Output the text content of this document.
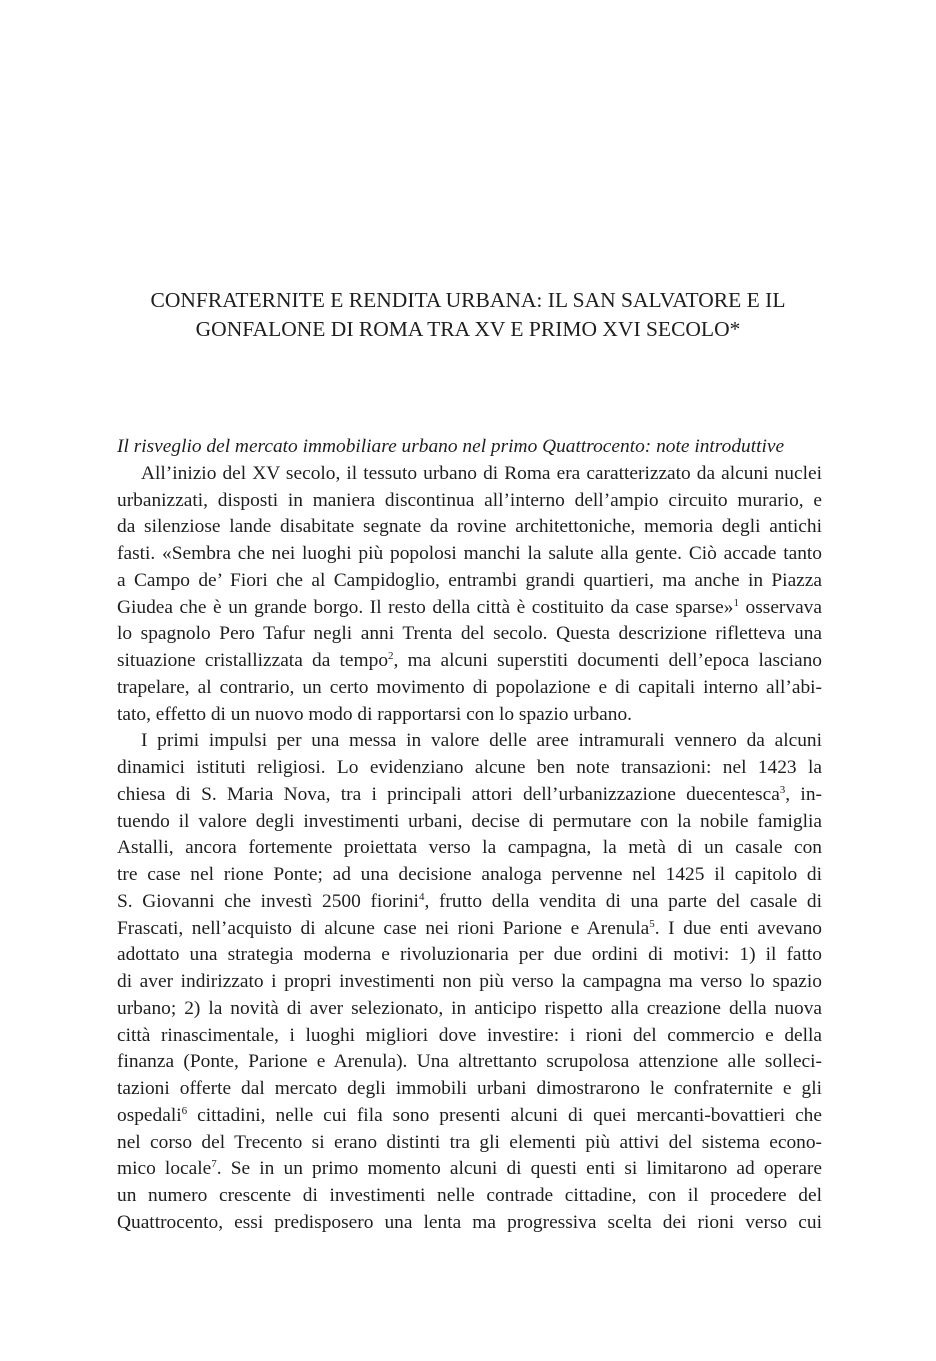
CONFRATERNITE E RENDITA URBANA: IL SAN SALVATORE E IL
GONFALONE DI ROMA TRA XV E PRIMO XVI SECOLO*
Il risveglio del mercato immobiliare urbano nel primo Quattrocento: note introduttive
All’inizio del XV secolo, il tessuto urbano di Roma era caratterizzato da alcuni nuclei
urbanizzati, disposti in maniera discontinua all’interno dell’ampio circuito murario, e
da silenziose lande disabitate segnate da rovine architettoniche, memoria degli antichi
fasti. «Sembra che nei luoghi più popolosi manchi la salute alla gente. Ciò accade tanto
a Campo de’ Fiori che al Campidoglio, entrambi grandi quartieri, ma anche in Piazza
Giudea che è un grande borgo. Il resto della città è costituito da case sparse»$^1$ osservava
lo spagnolo Pero Tafur negli anni Trenta del secolo. Questa descrizione rifletteva una
situazione cristallizzata da tempo$^2$, ma alcuni superstiti documenti dell’epoca lasciano
trapelare, al contrario, un certo movimento di popolazione e di capitali interno all’abi-
tato, effetto di un nuovo modo di rapportarsi con lo spazio urbano.
I primi impulsi per una messa in valore delle aree intramurali vennero da alcuni
dinamici istituti religiosi. Lo evidenziano alcune ben note transazioni: nel 1423 la
chiesa di S. Maria Nova, tra i principali attori dell’urbanizzazione duecentesca$^3$, in-
tuendo il valore degli investimenti urbani, decise di permutare con la nobile famiglia
Astalli, ancora fortemente proiettata verso la campagna, la metà di un casale con
tre case nel rione Ponte; ad una decisione analoga pervenne nel 1425 il capitolo di
S. Giovanni che investì 2500 fiorini$^4$, frutto della vendita di una parte del casale di
Frascati, nell’acquisto di alcune case nei rioni Parione e Arenula$^5$. I due enti avevano
adottato una strategia moderna e rivoluzionaria per due ordini di motivi: 1) il fatto
di aver indirizzato i propri investimenti non più verso la campagna ma verso lo spazio
urbano; 2) la novità di aver selezionato, in anticipo rispetto alla creazione della nuova
città rinascimentale, i luoghi migliori dove investire: i rioni del commercio e della
finanza (Ponte, Parione e Arenula). Una altrettanto scrupolosa attenzione alle solleci-
tazioni offerte dal mercato degli immobili urbani dimostrarono le confraternite e gli
ospedali$^6$ cittadini, nelle cui fila sono presenti alcuni di quei mercanti-bovattieri che
nel corso del Trecento si erano distinti tra gli elementi più attivi del sistema econo-
mico locale$^7$. Se in un primo momento alcuni di questi enti si limitarono ad operare
un numero crescente di investimenti nelle contrade cittadine, con il procedere del
Quattrocento, essi predisposero una lenta ma progressiva scelta dei rioni verso cui
